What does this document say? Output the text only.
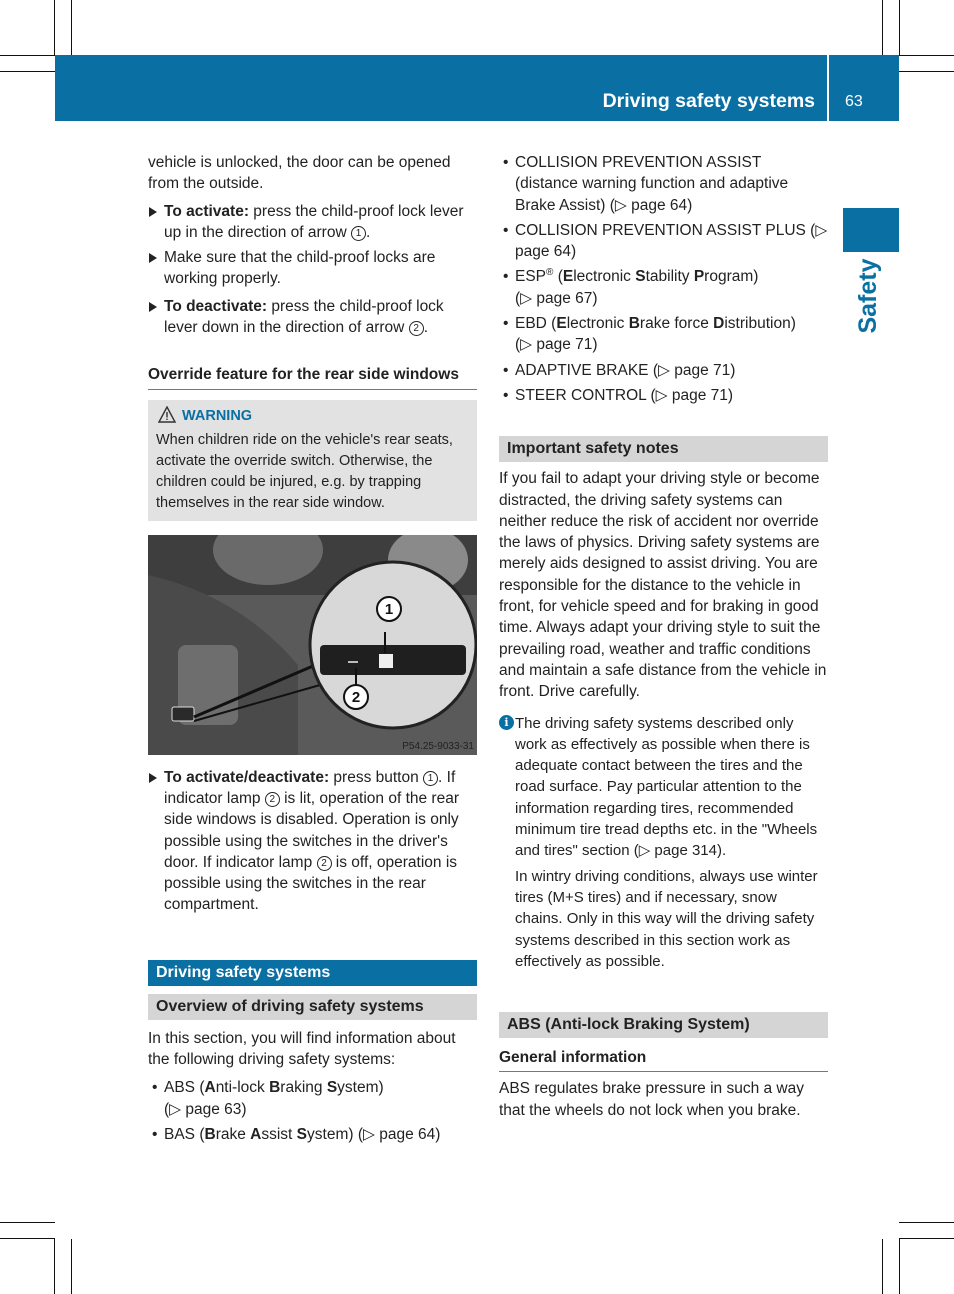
Driving safety systems 63
Safety

vehicle is unlocked, the door can be opened from the outside.

To activate: press the child-proof lock lever up in the direction of arrow 1 .
Make sure that the child-proof locks are working properly.
To deactivate: press the child-proof lock lever down in the direction of arrow 2 .
Override feature for the rear side windows
WARNING
When children ride on the vehicle's rear seats, activate the override switch. Otherwise, the children could be injured, e.g. by trapping themselves in the rear side window.
1
2
P54.25-9033-31
To activate/deactivate: press button 1 . If indicator lamp 2 is lit, operation of the rear side windows is disabled. Operation is only possible using the switches in the driver's door. If indicator lamp 2 is off, operation is possible using the switches in the rear compartment.
Driving safety systems
Overview of driving safety systems

In this section, you will find information about the following driving safety systems:

• ABS (Anti-lock Braking System)
(▷ page 63)
• BAS (Brake Assist System) (▷ page 64)
• COLLISION PREVENTION ASSIST (distance warning function and adaptive Brake Assist) (▷ page 64)
• COLLISION PREVENTION ASSIST PLUS (▷ page 64)
• ESP® (Electronic Stability Program)
(▷ page 67)
• EBD (Electronic Brake force Distribution)
(▷ page 71)
• ADAPTIVE BRAKE (▷ page 71)
• STEER CONTROL (▷ page 71)
Important safety notes

If you fail to adapt your driving style or become distracted, the driving safety systems can neither reduce the risk of accident nor override the laws of physics. Driving safety systems are merely aids designed to assist driving. You are responsible for the distance to the vehicle in front, for vehicle speed and for braking in good time. Always adapt your driving style to suit the prevailing road, weather and traffic conditions and maintain a safe distance from the vehicle in front. Drive carefully.

i The driving safety systems described only work as effectively as possible when there is adequate contact between the tires and the road surface. Pay particular attention to the information regarding tires, recommended minimum tire tread depths etc. in the "Wheels and tires" section (▷ page 314).

In wintry driving conditions, always use winter tires (M+S tires) and if necessary, snow chains. Only in this way will the driving safety systems described in this section work as effectively as possible.

ABS (Anti-lock Braking System)
General information

ABS regulates brake pressure in such a way that the wheels do not lock when you brake.
